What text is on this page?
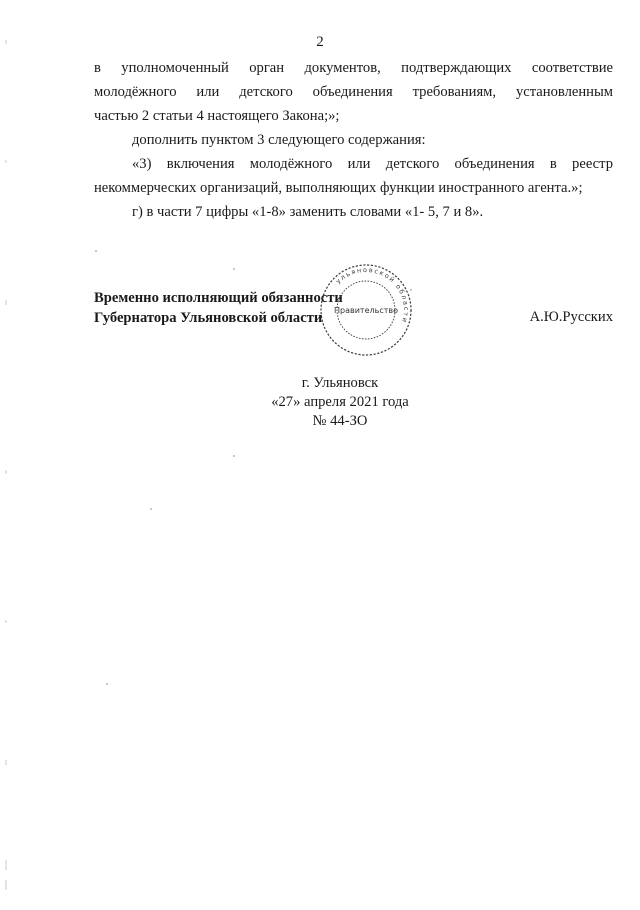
2
в уполномоченный орган документов, подтверждающих соответствие
молодёжного или детского объединения требованиям, установленным
частью 2 статьи 4 настоящего Закона;»;
дополнить пунктом 3 следующего содержания:
«3) включения молодёжного или детского объединения в реестр
некоммерческих организаций, выполняющих функции иностранного агента.»;
г) в части 7 цифры «1-8» заменить словами «1- 5, 7 и 8».
Временно исполняющий обязанности
Губернатора Ульяновской области
ульяновской области
Правительство	А.Ю.Русских
г. Ульяновск
«27» апреля 2021 года
№ 44-ЗО
